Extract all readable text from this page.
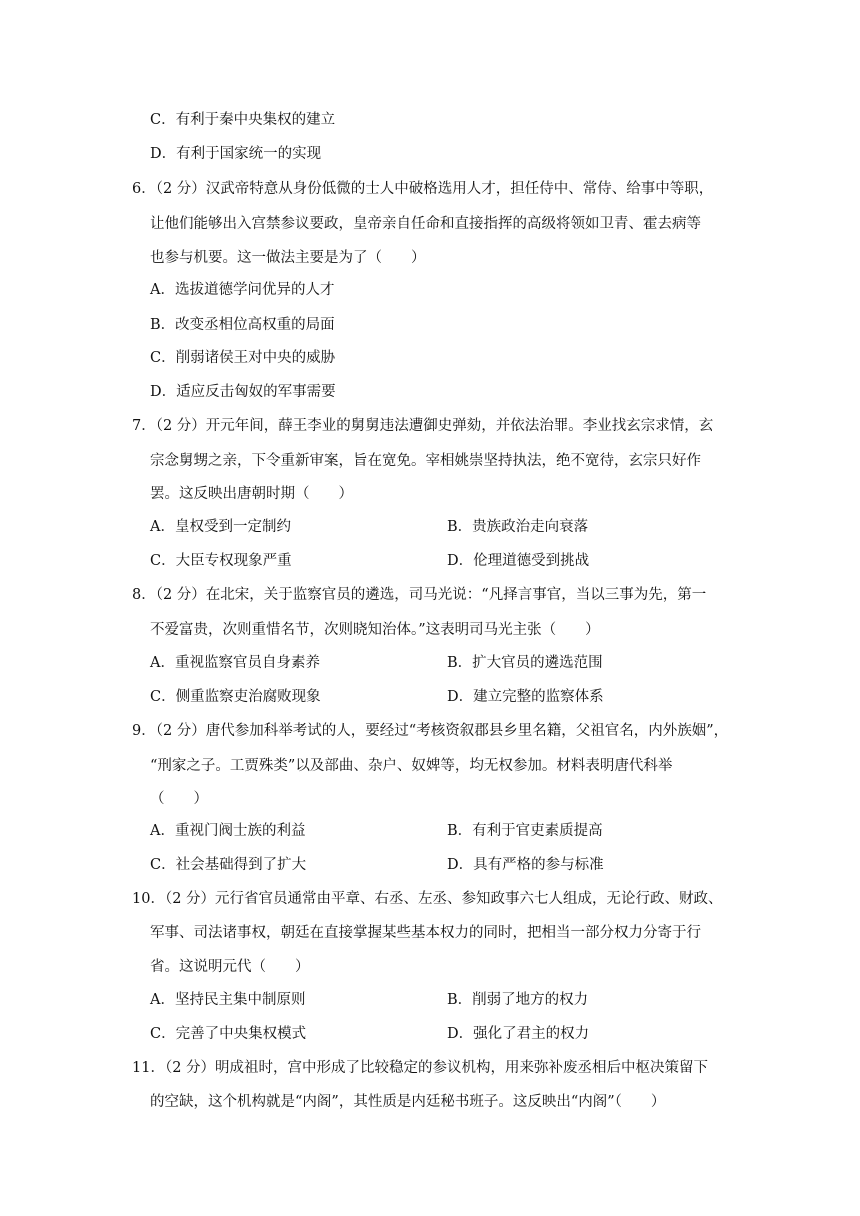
C．有利于秦中央集权的建立
D．有利于国家统一的实现
6．（2 分）汉武帝特意从身份低微的士人中破格选用人才，担任侍中、常侍、给事中等职，
让他们能够出入宫禁参议要政，皇帝亲自任命和直接指挥的高级将领如卫青、霍去病等
也参与机要。这一做法主要是为了（　　）
A．选拔道德学问优异的人才
B．改变丞相位高权重的局面
C．削弱诸侯王对中央的威胁
D．适应反击匈奴的军事需要
7．（2 分）开元年间，薛王李业的舅舅违法遭御史弹劾，并依法治罪。李业找玄宗求情，玄
宗念舅甥之亲，下令重新审案，旨在宽免。宰相姚崇坚持执法，绝不宽待，玄宗只好作
罢。这反映出唐朝时期（　　）
A．皇权受到一定制约	B．贵族政治走向衰落
C．大臣专权现象严重	D．伦理道德受到挑战
8．（2 分）在北宋，关于监察官员的遴选，司马光说：“凡择言事官，当以三事为先，第一
不爱富贵，次则重惜名节，次则晓知治体。”这表明司马光主张（　　）
A．重视监察官员自身素养	B．扩大官员的遴选范围
C．侧重监察吏治腐败现象	D．建立完整的监察体系
9．（2 分）唐代参加科举考试的人，要经过“考核资叙郡县乡里名籍，父祖官名，内外族姻”，
“刑家之子。工贾殊类”以及部曲、杂户、奴婢等，均无权参加。材料表明唐代科举
（　　）
A．重视门阀士族的利益	B．有利于官吏素质提高
C．社会基础得到了扩大	D．具有严格的参与标准
10．（2 分）元行省官员通常由平章、右丞、左丞、参知政事六七人组成，无论行政、财政、
军事、司法诸事权，朝廷在直接掌握某些基本权力的同时，把相当一部分权力分寄于行
省。这说明元代（　　）
A．坚持民主集中制原则	B．削弱了地方的权力
C．完善了中央集权模式	D．强化了君主的权力
11．（2 分）明成祖时，宫中形成了比较稳定的参议机构，用来弥补废丞相后中枢决策留下
的空缺，这个机构就是“内阁”，其性质是内廷秘书班子。这反映出“内阁”（　　）
